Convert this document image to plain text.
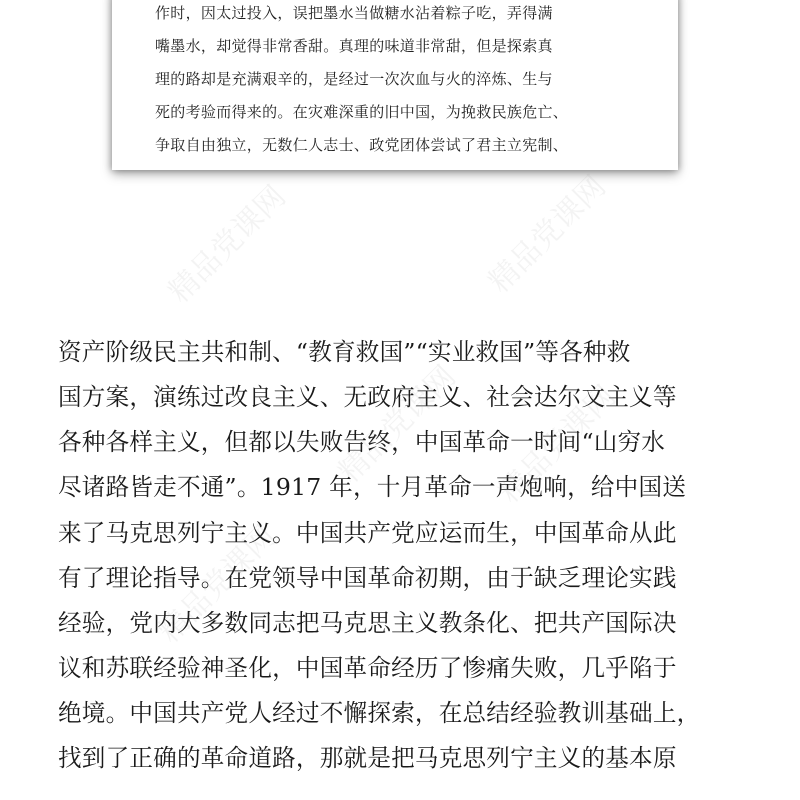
作时，因太过投入，误把墨水当做糖水沾着粽子吃，弄得满
嘴墨水，却觉得非常香甜。真理的味道非常甜，但是探索真
理的路却是充满艰辛的，是经过一次次血与火的淬炼、生与
死的考验而得来的。在灾难深重的旧中国，为挽救民族危亡、
争取自由独立，无数仁人志士、政党团体尝试了君主立宪制、
资产阶级民主共和制、“教育救国”“实业救国”等各种救
国方案，演练过改良主义、无政府主义、社会达尔文主义等
各种各样主义，但都以失败告终，中国革命一时间“山穷水
尽诸路皆走不通”。1917 年，十月革命一声炮响，给中国送
来了马克思列宁主义。中国共产党应运而生，中国革命从此
有了理论指导。在党领导中国革命初期，由于缺乏理论实践
经验，党内大多数同志把马克思主义教条化、把共产国际决
议和苏联经验神圣化，中国革命经历了惨痛失败，几乎陷于
绝境。中国共产党人经过不懈探索，在总结经验教训基础上，
找到了正确的革命道路，那就是把马克思列宁主义的基本原
精品党课网	精品党课网
精品党课网 精品党课网
精品党课网
